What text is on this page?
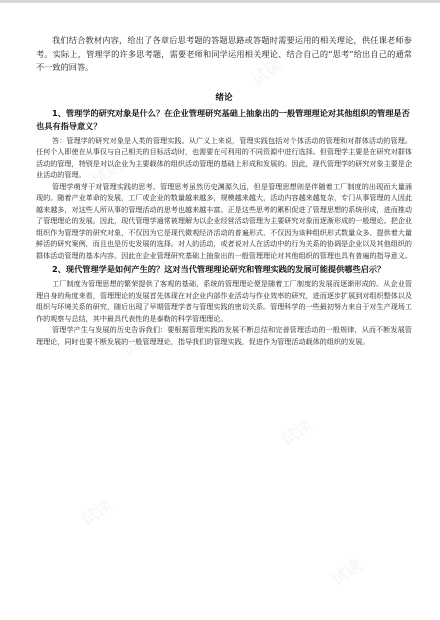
试读
试读
试读
试读
试读
试读
试读

我们结合教材内容，给出了各章后思考题的答题思路或答题时需要运用的相关理论，供任课老师参考。实际上，管理学的许多思考题，需要老师和同学运用相关理论、结合自己的“思考”给出自己的通常不一致的回答。

绪论
1、管理学的研究对象是什么？在企业管理研究基础上抽象出的一般管理理论对其他组织的管理是否也具有指导意义？

答：管理学的研究对象是人类的管理实践。从广义上来说，管理实践包括对个体活动的管理和对群体活动的管理。任何个人即使在从事仅与自己相关的目标活动时，也需要在可利用的不同资源中进行选择。但管理学主要是在研究对群体活动的管理，特别是对以企业为主要载体的组织活动管理的基础上形成和发展的。因此，现代管理学的研究对象主要是企业活动的管理。

管理学萌芽于对管理实践的思考。管理思考虽然历史渊源久远，但是管理思想则是伴随着工厂制度的出现而大量涌现的。随着产业革命的发展，工厂或企业的数量越来越多，规模越来越大，活动内容越来越复杂，专门从事管理的人因此越来越多，对这些人所从事的管理活动的思考也越来越丰富。正是这些思考的累积促进了管理思想的系统形成，进而推动了管理理论的发展。因此，现代管理学通常被理解为以企业经营活动管理为主要研究对象而逐渐形成的一般理论。把企业组织作为管理学的研究对象，不仅因为它是现代微观经济活动的普遍形式，不仅因为该种组织形式数量众多、提供着大量鲜活的研究案例，而且也是历史发展的选择。对人的活动，或者说对人在活动中的行为关系的协调是企业以及其他组织的群体活动管理的基本内容。因此在企业管理研究基础上抽象出的一般管理理论对其他组织的管理也具有普遍的指导意义。

2、现代管理学是如何产生的？这对当代管理理论研究和管理实践的发展可能提供哪些启示？

工厂制度为管理思想的繁荣提供了客观的基础，系统的管理理论便是随着工厂制度的发展而逐渐形成的。从企业管理自身的角度来看，管理理论的发展首先体现在对企业内部作业活动与作业效率的研究，进而逐步扩展到对组织整体以及组织与环境关系的研究，随后出现了早期管理学者与管理实践的密切关系。管理科学的一些最初努力来自于对生产现场工作的观察与总结，其中最具代表性的是泰勒的科学管理理论。

管理学产生与发展的历史告诉我们：要根据管理实践的发展不断总结和完善管理活动的一般规律，从而不断发展管理理论，同时也要不断发展的一般管理理论，指导我们的管理实践，促进作为管理活动载体的组织的发展。
